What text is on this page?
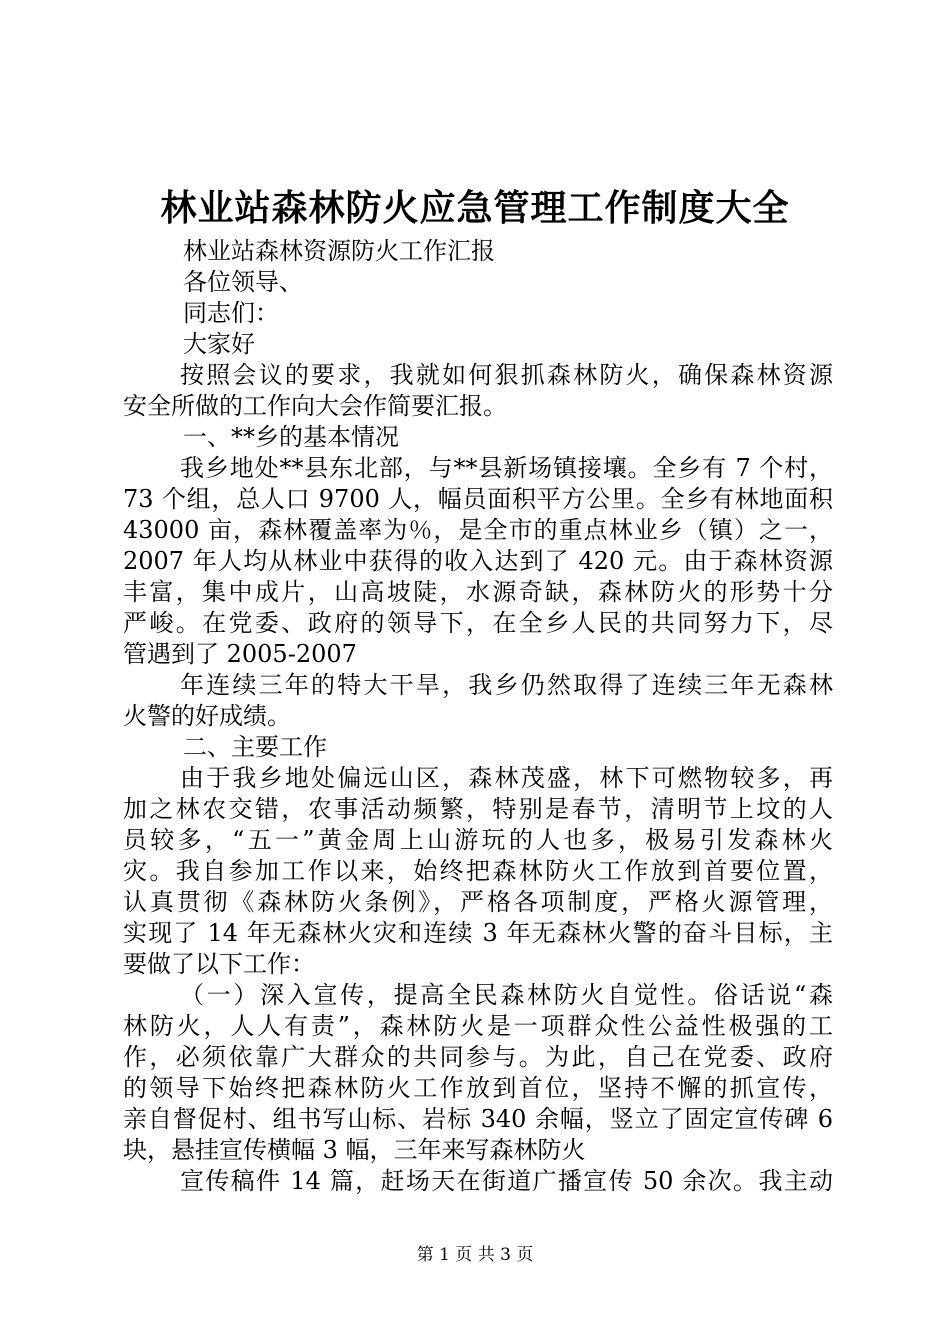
林业站森林防火应急管理工作制度大全
林业站森林资源防火工作汇报
各位领导、
同志们：
大家好
按照会议的要求，我就如何狠抓森林防火，确保森林资源
安全所做的工作向大会作简要汇报。
一、**乡的基本情况
我乡地处**县东北部，与**县新场镇接壤。全乡有 7 个村，
73 个组，总人口 9700 人，幅员面积平方公里。全乡有林地面积
43000 亩，森林覆盖率为％，是全市的重点林业乡（镇）之一，
2007 年人均从林业中获得的收入达到了 420 元。由于森林资源
丰富，集中成片，山高坡陡，水源奇缺，森林防火的形势十分
严峻。在党委、政府的领导下，在全乡人民的共同努力下，尽
管遇到了 2005-2007
年连续三年的特大干旱，我乡仍然取得了连续三年无森林
火警的好成绩。
二、主要工作
由于我乡地处偏远山区，森林茂盛，林下可燃物较多，再
加之林农交错，农事活动频繁，特别是春节，清明节上坟的人
员较多，“五一”黄金周上山游玩的人也多，极易引发森林火
灾。我自参加工作以来，始终把森林防火工作放到首要位置，
认真贯彻《森林防火条例》，严格各项制度，严格火源管理，
实现了 14 年无森林火灾和连续 3 年无森林火警的奋斗目标，主
要做了以下工作：
（一）深入宣传，提高全民森林防火自觉性。俗话说“森
林防火，人人有责”，森林防火是一项群众性公益性极强的工
作，必须依靠广大群众的共同参与。为此，自己在党委、政府
的领导下始终把森林防火工作放到首位，坚持不懈的抓宣传，
亲自督促村、组书写山标、岩标 340 余幅，竖立了固定宣传碑 6
块，悬挂宣传横幅 3 幅，三年来写森林防火
宣传稿件 14 篇，赶场天在街道广播宣传 50 余次。我主动
第 1 页 共 3 页
